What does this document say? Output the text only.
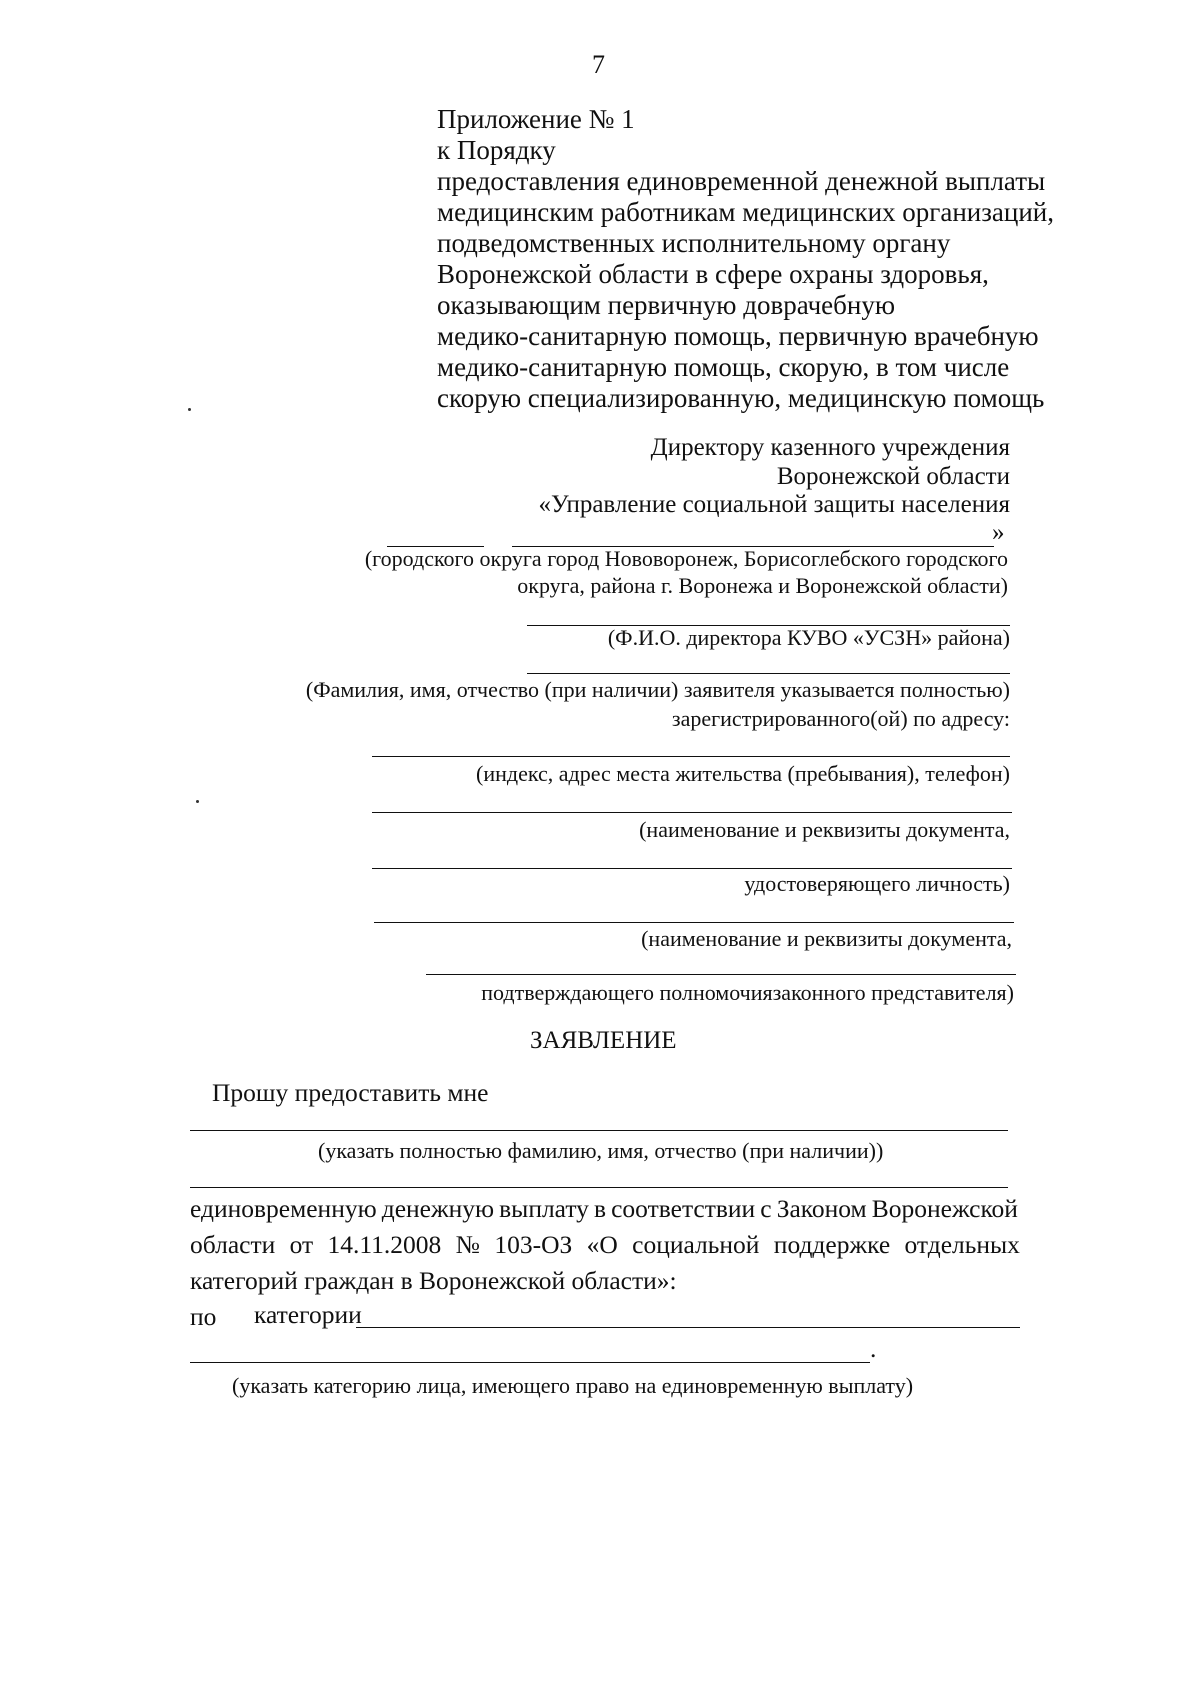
7
Приложение № 1
к Порядку
предоставления единовременной денежной выплаты
медицинским работникам медицинских организаций,
подведомственных исполнительному органу
Воронежской области в сфере охраны здоровья,
оказывающим первичную доврачебную
медико-санитарную помощь, первичную врачебную
медико-санитарную помощь, скорую, в том числе
скорую специализированную, медицинскую помощь
Директору казенного учреждения
Воронежской области
«Управление социальной защиты населения
»
(городского округа город Нововоронеж, Борисоглебского городского
округа, района г. Воронежа и Воронежской области)
(Ф.И.О. директора КУВО «УСЗН» района)
(Фамилия, имя, отчество (при наличии) заявителя указывается полностью)
зарегистрированного(ой) по адресу:
(индекс, адрес места жительства (пребывания), телефон)
(наименование и реквизиты документа,
удостоверяющего личность)
(наименование и реквизиты документа,
подтверждающего полномочиязаконного представителя)
ЗАЯВЛЕНИЕ
Прошу предоставить мне
(указать полностью фамилию, имя, отчество (при наличии))
единовременную денежную выплату в соответствии с Законом Воронежской
области от 14.11.2008 № 103-ОЗ «О социальной поддержке отдельных
категорий граждан в Воронежской области»:
по категории
.
(указать категорию лица, имеющего право на единовременную выплату)
